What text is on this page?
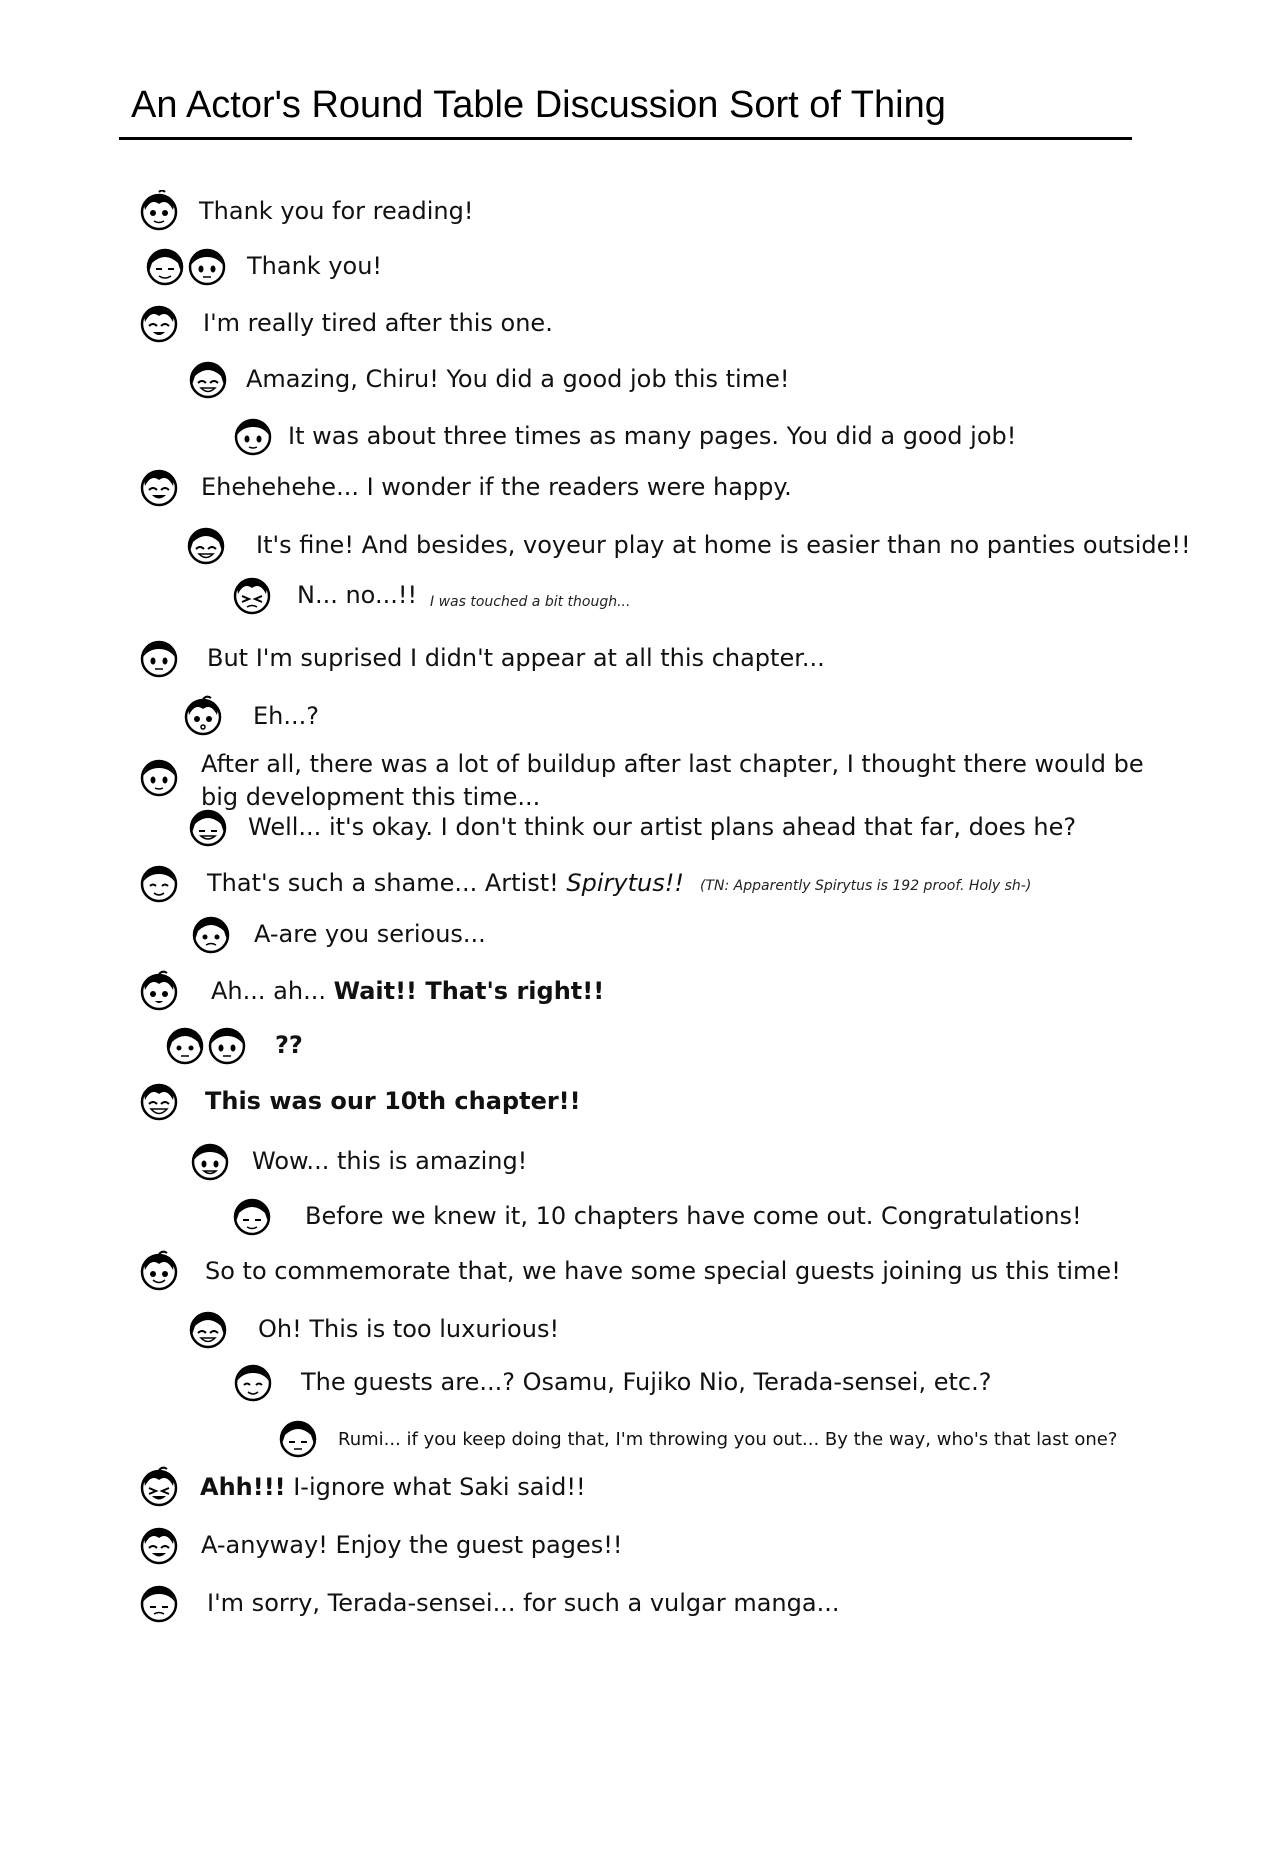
An Actor's Round Table Discussion Sort of Thing
Thank you for reading!
Thank you!
I'm really tired after this one.
Amazing, Chiru! You did a good job this time!
It was about three times as many pages. You did a good job!
Ehehehehe... I wonder if the readers were happy.
It's fine! And besides, voyeur play at home is easier than no panties outside!!
N... no...!! I was touched a bit though...
But I'm suprised I didn't appear at all this chapter...
Eh...?
After all, there was a lot of buildup after last chapter, I thought there would be big development this time...
Well... it's okay. I don't think our artist plans ahead that far, does he?
That's such a shame... Artist! Spirytus!! (TN: Apparently Spirytus is 192 proof. Holy sh-)
A-are you serious...
Ah... ah... Wait!! That's right!!
??
This was our 10th chapter!!
Wow... this is amazing!
Before we knew it, 10 chapters have come out. Congratulations!
So to commemorate that, we have some special guests joining us this time!
Oh! This is too luxurious!
The guests are...? Osamu, Fujiko Nio, Terada-sensei, etc.?
Rumi... if you keep doing that, I'm throwing you out... By the way, who's that last one?
Ahh!!! I-ignore what Saki said!!
A-anyway! Enjoy the guest pages!!
I'm sorry, Terada-sensei... for such a vulgar manga...
